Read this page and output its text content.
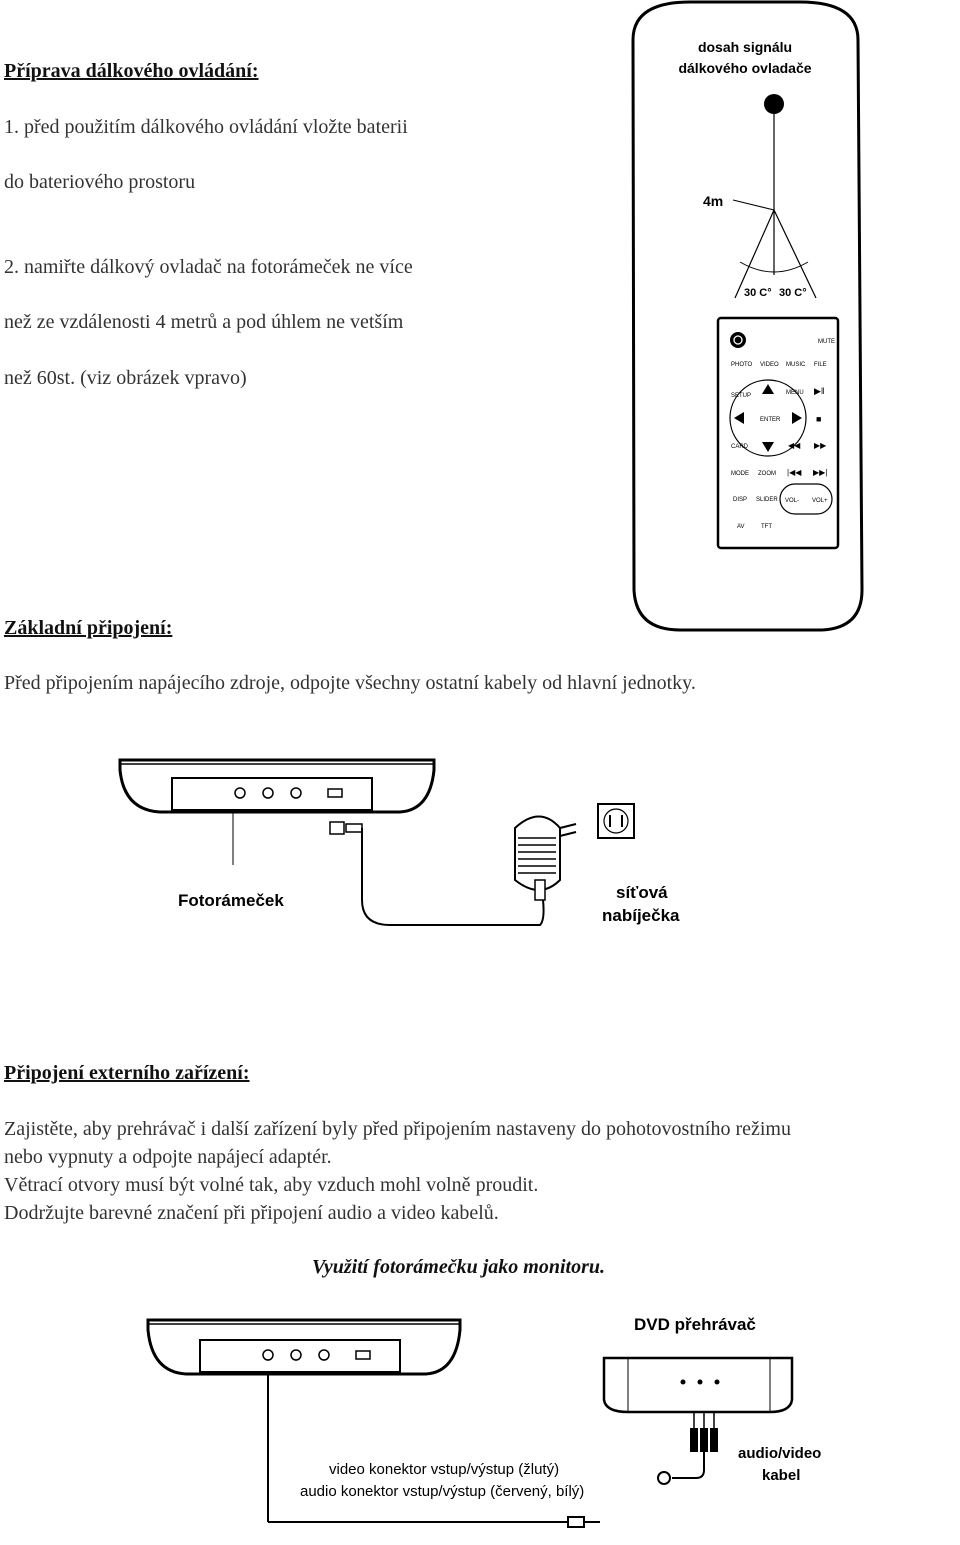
Příprava dálkového ovládání:
1. před použitím dálkového ovládání vložte baterii
do bateriového prostoru
2. namiřte dálkový ovladač na fotorámeček ne více
než ze vzdálenosti 4 metrů a pod úhlem ne vetším
než 60st. (viz obrázek vpravo)
dosah signálu
dálkového ovladače
4m
30 C° 30 C°
MUTE
PHOTO VIDEO MUSIC FILE
ENTER
SETUP	MENU ▶‖
■
CARD	◀◀ ▶▶
MODE ZOOM |◀◀ ▶▶|
DISP SLIDER VOL- VOL+
AV	TFT
Základní připojení:
Před připojením napájecího zdroje, odpojte všechny ostatní kabely od hlavní jednotky.
Fotorámeček	síťová
nabíječka
Připojení externího zařízení:
Zajistěte, aby prehrávač i další zařízení byly před připojením nastaveny do pohotovostního režimu
nebo vypnuty a odpojte napájecí adaptér.
Větrací otvory musí být volné tak, aby vzduch mohl volně proudit.
Dodržujte barevné značení při připojení audio a video kabelů.
Využití fotorámečku jako monitoru.
DVD přehrávač
audio/video
kabel
video konektor vstup/výstup (žlutý)
audio konektor vstup/výstup (červený, bílý)
